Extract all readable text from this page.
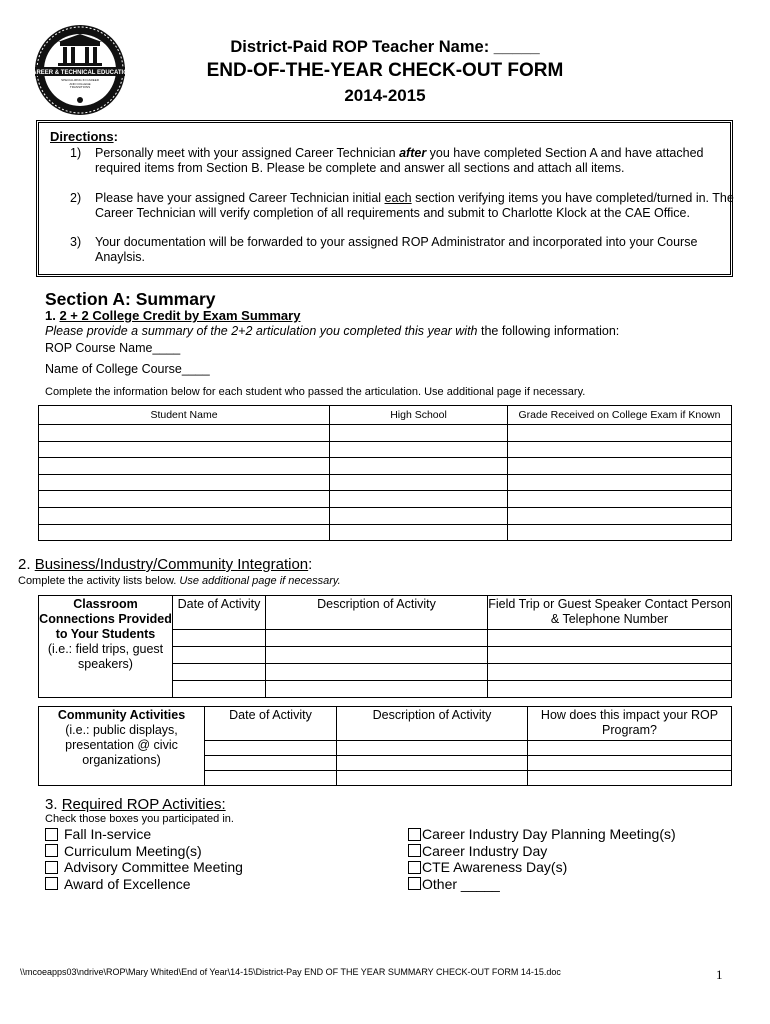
CAREER & TECHNICAL EDUCATION
SPECIALIZING IN CAREER AND COLLEGE TRANSITIONS
District-Paid ROP Teacher Name: _____
END-OF-THE-YEAR CHECK-OUT FORM
2014-2015
Directions:
1) Personally meet with your assigned Career Technician after you have completed Section A and have attached required items from Section B. Please be complete and answer all sections and attach all items.
2) Please have your assigned Career Technician initial each section verifying items you have completed/turned in. The Career Technician will verify completion of all requirements and submit to Charlotte Klock at the CAE Office.
3) Your documentation will be forwarded to your assigned ROP Administrator and incorporated into your Course Anaylsis.
Section A: Summary
1. 2 + 2 College Credit by Exam Summary
Please provide a summary of the 2+2 articulation you completed this year with the following information:
ROP Course Name____
Name of College Course____
Complete the information below for each student who passed the articulation. Use additional page if necessary.
Student Name	High School	Grade Received on College Exam if Known

2. Business/Industry/Community Integration:
Complete the activity lists below. Use additional page if necessary.
Classroom Connections Provided to Your Students
(i.e.: field trips, guest speakers)	Date of Activity	Description of Activity	Field Trip or Guest Speaker Contact Person & Telephone Number

Community Activities
(i.e.: public displays, presentation @ civic organizations)	Date of Activity	Description of Activity	How does this impact your ROP Program?

3. Required ROP Activities:
Check those boxes you participated in.
Fall In-service
Curriculum Meeting(s)
Advisory Committee Meeting
Award of Excellence
Career Industry Day Planning Meeting(s)
Career Industry Day
CTE Awareness Day(s)
Other _____
\\mcoeapps03\ndrive\ROP\Mary Whited\End of Year\14-15\District-Pay END OF THE YEAR SUMMARY CHECK-OUT FORM 14-15.doc	1
